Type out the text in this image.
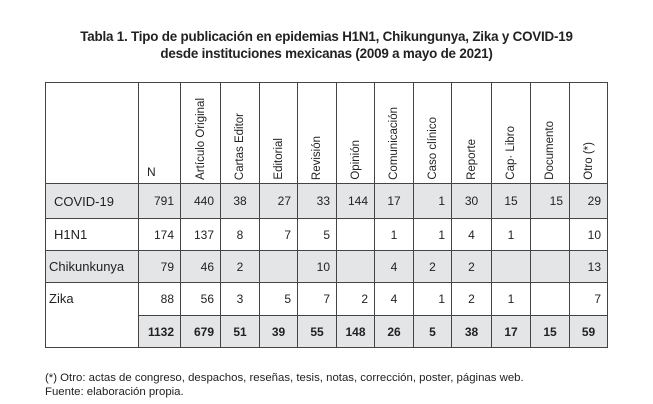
Tabla 1. Tipo de publicación en epidemias H1N1, Chikungunya, Zika y COVID-19
desde instituciones mexicanas (2009 a mayo de 2021)
	N	Artículo Original	Cartas Editor	Editorial	Revisión	Opinión	Comunicación	Caso clínico	Reporte	Cap· Libro	Documento	Otro (*)
COVID-19	791	440	38	27	33	144	17	1	30	15	15	29
H1N1	174	137	8	7	5		1	1	4	1		10
Chikunkunya	79	46	2		10		4	2	2			13
Zika	88	56	3	5	7	2	4	1	2	1		7
	1132	679	51	39	55	148	26	5	38	17	15	59
(*) Otro: actas de congreso, despachos, reseñas, tesis, notas, corrección, poster, páginas web.
Fuente: elaboración propia.
